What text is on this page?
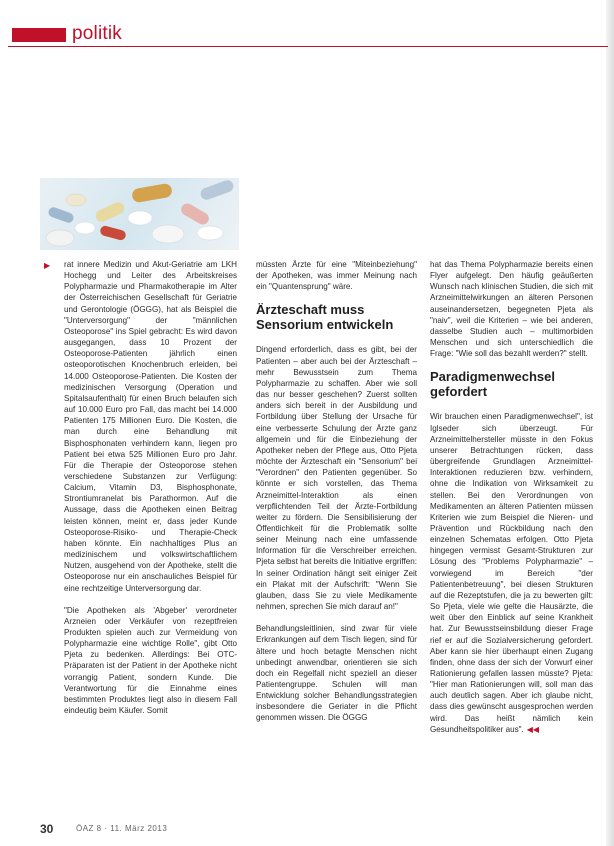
politik
▶ rat innere Medizin und Akut-Geriatrie am LKH Hochegg und Leiter des Arbeitskreises Polypharmazie und Pharmakotherapie im Alter der Österreichischen Gesellschaft für Geriatrie und Gerontologie (ÖGGG), hat als Beispiel die "Unterversorgung" der "männlichen Osteoporose" ins Spiel gebracht: Es wird davon ausgegangen, dass 10 Prozent der Osteoporose-Patienten jährlich einen osteoporotischen Knochenbruch erleiden, bei 14.000 Osteoporose-Patienten. Die Kosten der medizinischen Versorgung (Operation und Spitalsaufenthalt) für einen Bruch belaufen sich auf 10.000 Euro pro Fall, das macht bei 14.000 Patienten 175 Millionen Euro. Die Kosten, die man durch eine Behandlung mit Bisphosphonaten verhindern kann, liegen pro Patient bei etwa 525 Millionen Euro pro Jahr. Für die Therapie der Osteoporose stehen verschiedene Substanzen zur Verfügung: Calcium, Vitamin D3, Bisphosphonate, Strontiumranelat bis Parathormon. Auf die Aussage, dass die Apotheken einen Beitrag leisten können, meint er, dass jeder Kunde Osteoporose-Risiko- und Therapie-Check haben könnte. Ein nachhaltiges Plus an medizinischem und volkswirtschaftlichem Nutzen, ausgehend von der Apotheke, stellt die Osteoporose nur ein anschauliches Beispiel für eine rechtzeitige Unterversorgung dar.

"Die Apotheken als 'Abgeber' verordneter Arzneien oder Verkäufer von rezeptfreien Produkten spielen auch zur Vermeidung von Polypharmazie eine wichtige Rolle", gibt Otto Pjeta zu bedenken. Allerdings: Bei OTC-Präparaten ist der Patient in der Apotheke nicht vorrangig Patient, sondern Kunde. Die Verantwortung für die Einnahme eines bestimmten Produktes liegt also in diesem Fall eindeutig beim Käufer. Somit

müssten Ärzte für eine "Miteinbeziehung" der Apotheken, was immer Meinung nach ein "Quantensprung" wäre.

Ärzteschaft muss Sensorium entwickeln

Dingend erforderlich, dass es gibt, bei der Patienten – aber auch bei der Ärzteschaft – mehr Bewusstsein zum Thema Polypharmazie zu schaffen. Aber wie soll das nur besser geschehen? Zuerst sollten anders sich bereit in der Ausbildung und Fortbildung über Stellung der Ursache für eine verbesserte Schulung der Ärzte ganz allgemein und für die Einbeziehung der Apotheker neben der Pflege aus, Otto Pjeta möchte der Ärzteschaft ein "Sensorium" bei "Verordnen" den Patienten gegenüber. So könnte er sich vorstellen, das Thema Arzneimittel-Interaktion als einen verpflichtenden Teil der Ärzte-Fortbildung weiter zu fördern. Die Sensibilisierung der Öffentlichkeit für die Problematik sollte seiner Meinung nach eine umfassende Information für die Verschreiber erreichen. Pjeta selbst hat bereits die Initiative ergriffen: In seiner Ordination hängt seit einiger Zeit ein Plakat mit der Aufschrift: "Wenn Sie glauben, dass Sie zu viele Medikamente nehmen, sprechen Sie mich darauf an!"

Behandlungsleitlinien, sind zwar für viele Erkrankungen auf dem Tisch liegen, sind für ältere und hoch betagte Menschen nicht unbedingt anwendbar, orientieren sie sich doch ein Regelfall nicht speziell an dieser Patientengruppe. Schulen will man Entwicklung solcher Behandlungsstrategien insbesondere die Geriater in die Pflicht genommen wissen. Die ÖGGG

hat das Thema Polypharmazie bereits einen Flyer aufgelegt. Den häufig geäußerten Wunsch nach klinischen Studien, die sich mit Arzneimittelwirkungen an älteren Personen auseinandersetzen, begegneten Pjeta als "naiv", weil die Kriterien – wie bei anderen, dasselbe Studien auch – multimorbiden Menschen und sich unterschiedlich die Frage: "Wie soll das bezahlt werden?" stellt.

Paradigmenwechsel gefordert

Wir brauchen einen Paradigmenwechsel", ist Iglseder sich überzeugt. Für Arzneimittelhersteller müsste in den Fokus unserer Betrachtungen rücken, dass übergreifende Grundlagen Arzneimittel-Interaktionen reduzieren bzw. verhindern, ohne die Indikation von Wirksamkeit zu stellen. Bei den Verordnungen von Medikamenten an älteren Patienten müssen Kriterien wie zum Beispiel die Nieren- und Prävention und Rückbildung nach den einzelnen Schematas erfolgen. Otto Pjeta hingegen vermisst Gesamt-Strukturen zur Lösung des "Problems Polypharmazie" – vorwiegend im Bereich "der Patientenbetreuung", bei diesen Strukturen auf die Rezeptstufen, die ja zu bewerten gilt: So Pjeta, viele wie gelte die Hausärzte, die weit über den Einblick auf seine Krankheit hat. Zur Bewusstseinsbildung dieser Frage rief er auf die Sozialversicherung gefordert. Aber kann sie hier überhaupt einen Zugang finden, ohne dass der sich der Vorwurf einer Rationierung gefallen lassen müsste? Pjeta: "Hier man Rationierungen will, soll man das auch deutlich sagen. Aber ich glaube nicht, dass dies gewünscht ausgesprochen werden wird. Das heißt nämlich kein Gesundheitspolitiker aus". ◀◀

30	ÖAZ 8 · 11. März 2013
